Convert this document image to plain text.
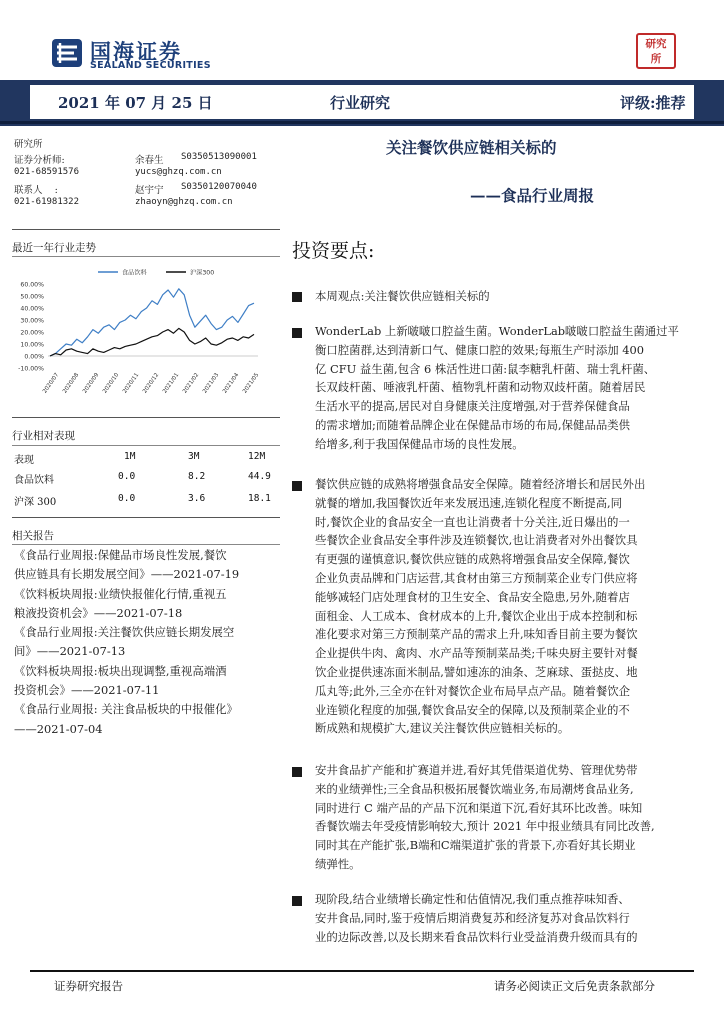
国海证券
SEALAND SECURITIES
研究所
2021 年 07 月 25 日	行业研究	评级:推荐
研究所
证券分析师:	余春生 S0350513090001
021-68591576	yucs@ghzq.com.cn
联系人    :	赵宇宁 S0350120070040
021-61981322	zhaoyn@ghzq.com.cn
关注餐饮供应链相关标的
——食品行业周报
最近一年行业走势
60.00%
50.00%
40.00%
30.00%
20.00%
10.00%
0.00%
-10.00%
2020/07 2020/08 2020/09 2020/10 2020/11 2020/12 2021/01 2021/02 2021/03 2021/04 2021/05
食品饮料	沪深300
行业相对表现
表现	1M	3M	12M
食品饮料	0.0	8.2	44.9
沪深 300	0.0	3.6	18.1
相关报告
《食品行业周报:保健品市场良性发展,餐饮
供应链具有长期发展空间》——2021-07-19
《饮料板块周报:业绩快报催化行情,重视五
粮液投资机会》——2021-07-18
《食品行业周报:关注餐饮供应链长期发展空
间》——2021-07-13
《饮料板块周报:板块出现调整,重视高端酒
投资机会》——2021-07-11
《食品行业周报: 关注食品板块的中报催化》
——2021-07-04
投资要点:
本周观点:关注餐饮供应链相关标的
WonderLab 上新啵啵口腔益生菌。WonderLab啵啵口腔益生菌通过平
衡口腔菌群,达到清新口气、健康口腔的效果;每瓶生产时添加 400
亿 CFU 益生菌,包含 6 株活性进口菌:鼠李糖乳杆菌、瑞士乳杆菌、
长双歧杆菌、唾液乳杆菌、植物乳杆菌和动物双歧杆菌。随着居民
生活水平的提高,居民对自身健康关注度增强,对于营养保健食品
的需求增加;而随着品牌企业在保健品市场的布局,保健品品类供
给增多,利于我国保健品市场的良性发展。
餐饮供应链的成熟将增强食品安全保障。随着经济增长和居民外出
就餐的增加,我国餐饮近年来发展迅速,连锁化程度不断提高,同
时,餐饮企业的食品安全一直也让消费者十分关注,近日爆出的一
些餐饮企业食品安全事件涉及连锁餐饮,也让消费者对外出餐饮具
有更强的谨慎意识,餐饮供应链的成熟将增强食品安全保障,餐饮
企业负责品牌和门店运营,其食材由第三方预制菜企业专门供应将
能够减轻门店处理食材的卫生安全、食品安全隐患,另外,随着店
面租金、人工成本、食材成本的上升,餐饮企业出于成本控制和标
准化要求对第三方预制菜产品的需求上升,味知香目前主要为餐饮
企业提供牛肉、禽肉、水产品等预制菜品类;千味央厨主要针对餐
饮企业提供速冻面米制品,譬如速冻的油条、芝麻球、蛋挞皮、地
瓜丸等;此外,三全亦在针对餐饮企业布局早点产品。随着餐饮企
业连锁化程度的加强,餐饮食品安全的保障,以及预制菜企业的不
断成熟和规模扩大,建议关注餐饮供应链相关标的。
安井食品扩产能和扩赛道并进,看好其凭借渠道优势、管理优势带
来的业绩弹性;三全食品积极拓展餐饮端业务,布局潮烤食品业务,
同时进行 C 端产品的产品下沉和渠道下沉,看好其环比改善。味知
香餐饮端去年受疫情影响较大,预计 2021 年中报业绩具有同比改善,
同时其在产能扩张,B端和C端渠道扩张的背景下,亦看好其长期业
绩弹性。
现阶段,结合业绩增长确定性和估值情况,我们重点推荐味知香、
安井食品,同时,鉴于疫情后期消费复苏和经济复苏对食品饮料行
业的边际改善,以及长期来看食品饮料行业受益消费升级而具有的
证券研究报告	请务必阅读正文后免责条款部分
